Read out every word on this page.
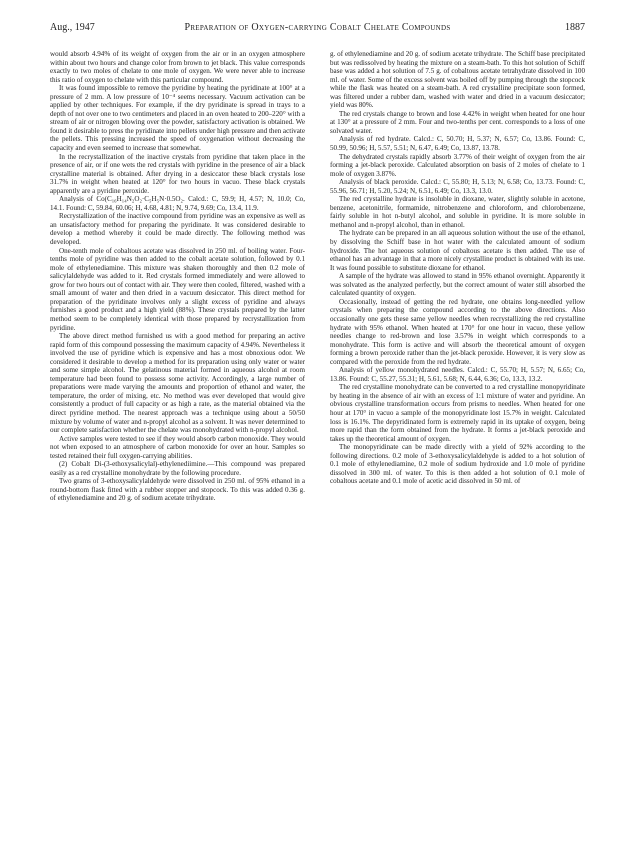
Aug., 1947	Preparation of Oxygen-carrying Cobalt Chelate Compounds	1887

would absorb 4.94% of its weight of oxygen from the air or in an oxygen atmosphere within about two hours and change color from brown to jet black. This value corresponds exactly to two moles of chelate to one mole of oxygen. We were never able to increase this ratio of oxygen to chelate with this particular compound.

It was found impossible to remove the pyridine by heating the pyridinate at 100° at a pressure of 2 mm. A low pressure of 10⁻⁴ seems necessary. Vacuum activation can be applied by other techniques. For example, if the dry pyridinate is spread in trays to a depth of not over one to two centimeters and placed in an oven heated to 200–220° with a stream of air or nitrogen blowing over the powder, satisfactory activation is obtained. We found it desirable to press the pyridinate into pellets under high pressure and then activate the pellets. This pressing increased the speed of oxygenation without decreasing the capacity and even seemed to increase that somewhat.

In the recrystallization of the inactive crystals from pyridine that taken place in the presence of air, or if one wets the red crystals with pyridine in the presence of air a black crystalline material is obtained. After drying in a desiccator these black crystals lose 31.7% in weight when heated at 120° for two hours in vacuo. These black crystals apparently are a pyridine peroxide.

Analysis of Co(C₁₆H₁₄N₂O₂·C₅H₅N·0.5O₂. Calcd.: C, 59.9; H, 4.57; N, 10.0; Co, 14.1. Found: C, 59.84, 60.06; H, 4.68, 4.81; N, 9.74, 9.69; Co, 13.4, 11.9.

Recrystallization of the inactive compound from pyridine was an expensive as well as an unsatisfactory method for preparing the pyridinate. It was considered desirable to develop a method whereby it could be made directly. The following method was developed.

One-tenth mole of cobaltous acetate was dissolved in 250 ml. of boiling water. Four-tenths mole of pyridine was then added to the cobalt acetate solution, followed by 0.1 mole of ethylenediamine. This mixture was shaken thoroughly and then 0.2 mole of salicylaldehyde was added to it. Red crystals formed immediately and were allowed to grow for two hours out of contact with air. They were then cooled, filtered, washed with a small amount of water and then dried in a vacuum desiccator. This direct method for preparation of the pyridinate involves only a slight excess of pyridine and always furnishes a good product and a high yield (88%). These crystals prepared by the latter method seem to be completely identical with those prepared by recrystallization from pyridine.

The above direct method furnished us with a good method for preparing an active rapid form of this compound possessing the maximum capacity of 4.94%. Nevertheless it involved the use of pyridine which is expensive and has a most obnoxious odor. We considered it desirable to develop a method for its preparation using only water or water and some simple alcohol. The gelatinous material formed in aqueous alcohol at room temperature had been found to possess some activity. Accordingly, a large number of preparations were made varying the amounts and proportion of ethanol and water, the temperature, the order of mixing, etc. No method was ever developed that would give consistently a product of full capacity or as high a rate, as the material obtained via the direct pyridine method. The nearest approach was a technique using about a 50/50 mixture by volume of water and n-propyl alcohol as a solvent. It was never determined to our complete satisfaction whether the chelate was monohydrated with n-propyl alcohol.

Active samples were tested to see if they would absorb carbon monoxide. They would not when exposed to an atmosphere of carbon monoxide for over an hour. Samples so tested retained their full oxygen-carrying abilities.

(2) Cobalt Di-(3-ethoxysalicylal)-ethylenediimine.—This compound was prepared easily as a red crystalline monohydrate by the following procedure.

Two grams of 3-ethoxysalicylaldehyde were dissolved in 250 ml. of 95% ethanol in a round-bottom flask fitted with a rubber stopper and stopcock. To this was added 0.36 g. of ethylenediamine and 20 g. of sodium acetate trihydrate.

g. of ethylenediamine and 20 g. of sodium acetate trihydrate. The Schiff base precipitated but was redissolved by heating the mixture on a steam-bath. To this hot solution of Schiff base was added a hot solution of 7.5 g. of cobaltous acetate tetrahydrate dissolved in 100 ml. of water. Some of the excess solvent was boiled off by pumping through the stopcock while the flask was heated on a steam-bath. A red crystalline precipitate soon formed, was filtered under a rubber dam, washed with water and dried in a vacuum desiccator; yield was 80%.

The red crystals change to brown and lose 4.42% in weight when heated for one hour at 130° at a pressure of 2 mm. Four and two-tenths per cent. corresponds to a loss of one solvated water.

Analysis of red hydrate. Calcd.: C, 50.70; H, 5.37; N, 6.57; Co, 13.86. Found: C, 50.99, 50.96; H, 5.57, 5.51; N, 6.47, 6.49; Co, 13.87, 13.78.

The dehydrated crystals rapidly absorb 3.77% of their weight of oxygen from the air forming a jet-black peroxide. Calculated absorption on basis of 2 moles of chelate to 1 mole of oxygen 3.87%.

Analysis of black peroxide. Calcd.: C, 55.80; H, 5.13; N, 6.58; Co, 13.73. Found: C, 55.96, 56.71; H, 5.20, 5.24; N, 6.51, 6.49; Co, 13.3, 13.0.

The red crystalline hydrate is insoluble in dioxane, water, slightly soluble in acetone, benzene, acetonitrile, formamide, nitrobenzene and chloroform, and chlorobenzene, fairly soluble in hot n-butyl alcohol, and soluble in pyridine. It is more soluble in methanol and n-propyl alcohol, than in ethanol.

The hydrate can be prepared in an all aqueous solution without the use of the ethanol, by dissolving the Schiff base in hot water with the calculated amount of sodium hydroxide. The hot aqueous solution of cobaltous acetate is then added. The use of ethanol has an advantage in that a more nicely crystalline product is obtained with its use. It was found possible to substitute dioxane for ethanol.

A sample of the hydrate was allowed to stand in 95% ethanol overnight. Apparently it was solvated as the analyzed perfectly, but the correct amount of water still absorbed the calculated quantity of oxygen.

Occasionally, instead of getting the red hydrate, one obtains long-needled yellow crystals when preparing the compound according to the above directions. Also occasionally one gets these same yellow needles when recrystallizing the red crystalline hydrate with 95% ethanol. When heated at 170° for one hour in vacuo, these yellow needles change to red-brown and lose 3.57% in weight which corresponds to a monohydrate. This form is active and will absorb the theoretical amount of oxygen forming a brown peroxide rather than the jet-black peroxide. However, it is very slow as compared with the peroxide from the red hydrate.

Analysis of yellow monohydrated needles. Calcd.: C, 55.70; H, 5.57; N, 6.65; Co, 13.86. Found: C, 55.27, 55.31; H, 5.61, 5.68; N, 6.44, 6.36; Co, 13.3, 13.2.

The red crystalline monohydrate can be converted to a red crystalline monopyridinate by heating in the absence of air with an excess of 1:1 mixture of water and pyridine. An obvious crystalline transformation occurs from prisms to needles. When heated for one hour at 170° in vacuo a sample of the monopyridinate lost 15.7% in weight. Calculated loss is 16.1%. The depyridinated form is extremely rapid in its uptake of oxygen, being more rapid than the form obtained from the hydrate. It forms a jet-black peroxide and takes up the theoretical amount of oxygen.

The monopyridinate can be made directly with a yield of 92% according to the following directions. 0.2 mole of 3-ethoxysalicylaldehyde is added to a hot solution of 0.1 mole of ethylenediamine, 0.2 mole of sodium hydroxide and 1.0 mole of pyridine dissolved in 300 ml. of water. To this is then added a hot solution of 0.1 mole of cobaltous acetate and 0.1 mole of acetic acid dissolved in 50 ml. of
